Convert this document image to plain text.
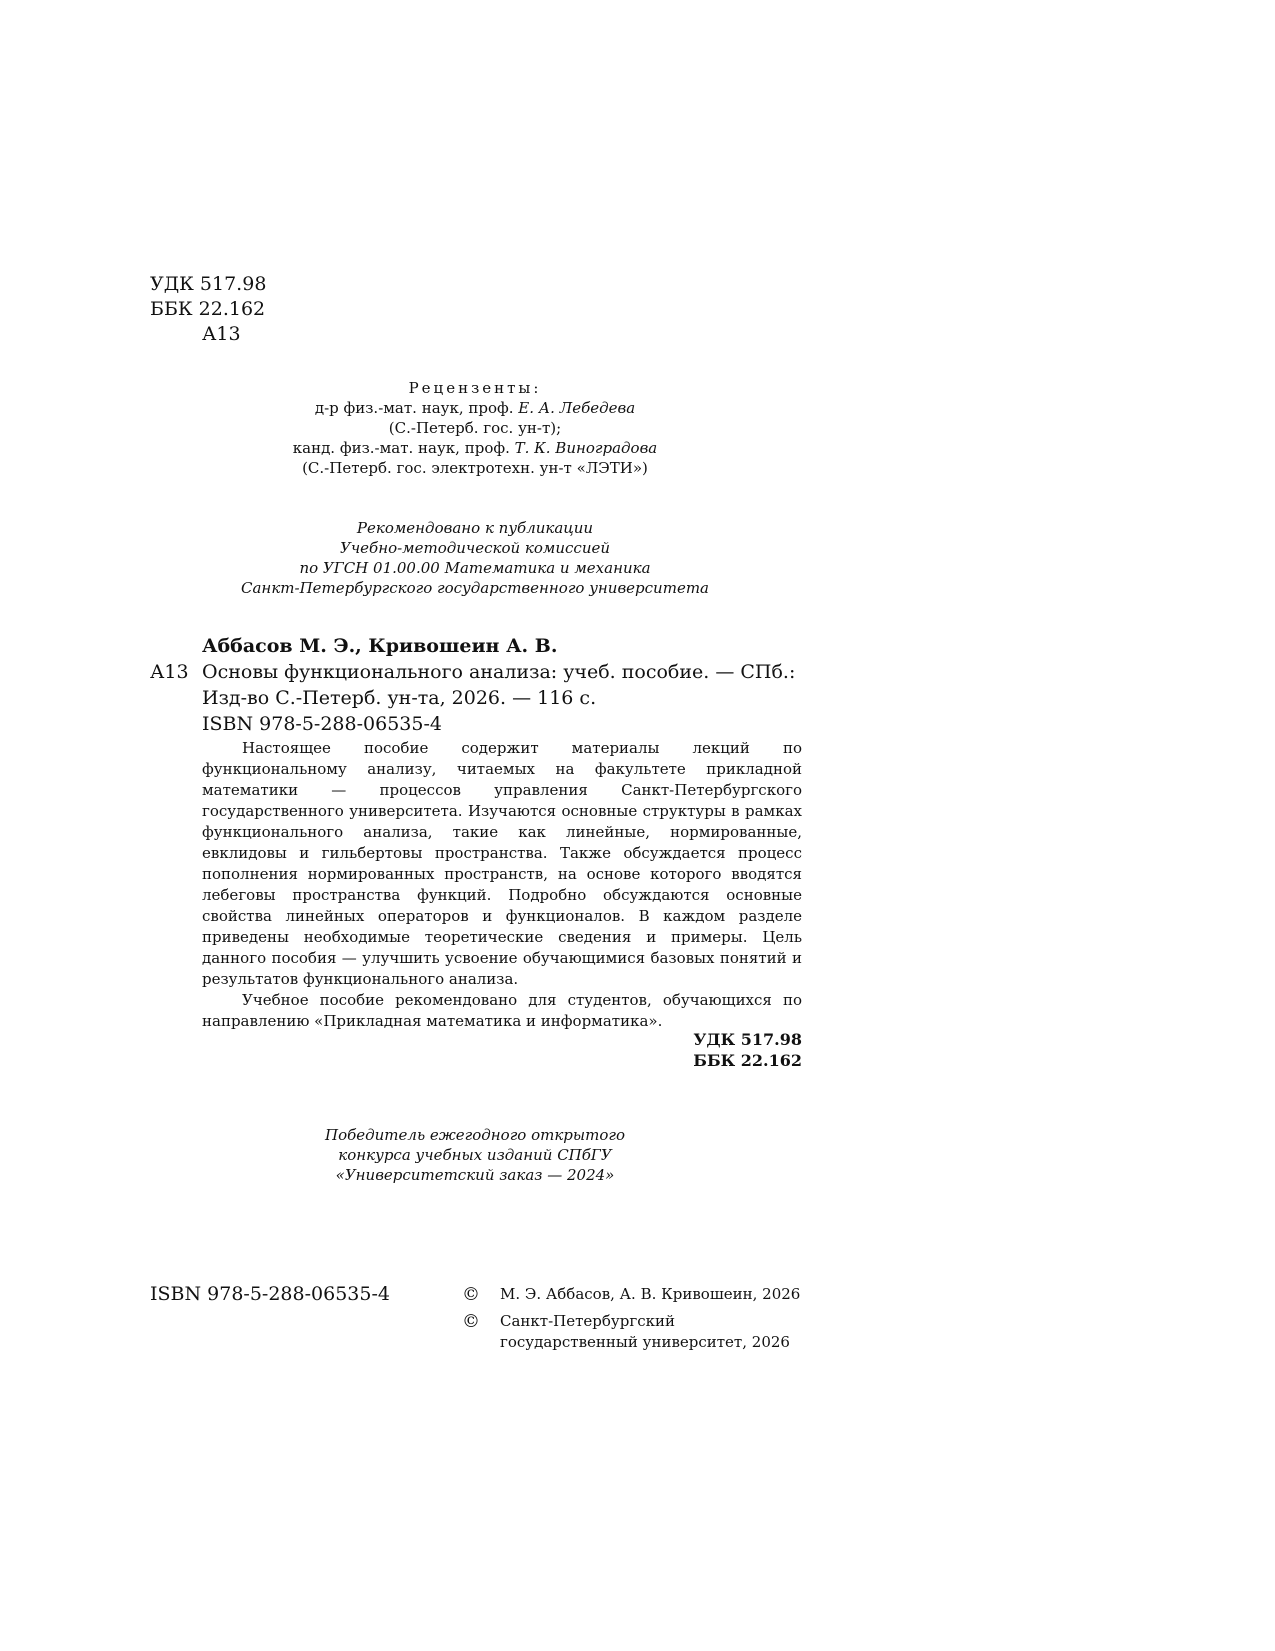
УДК 517.98
ББК 22.162
А13
Рецензенты:
д-р физ.-мат. наук, проф. Е. А. Лебедева
(С.-Петерб. гос. ун-т);
канд. физ.-мат. наук, проф. Т. К. Виноградова
(С.-Петерб. гос. электротехн. ун-т «ЛЭТИ»)
Рекомендовано к публикации
Учебно-методической комиссией
по УГСН 01.00.00 Математика и механика
Санкт-Петербургского государственного университета
Аббасов М. Э., Кривошеин А. В.
А13 Основы функционального анализа: учеб. пособие. — СПб.:
Изд-во С.-Петерб. ун-та, 2026. — 116 с.
ISBN 978-5-288-06535-4

Настоящее пособие содержит материалы лекций по функциональному анализу, читаемых на факультете прикладной математики — процессов управления Санкт-Петербургского государственного университета. Изучаются основные структуры в рамках функционального анализа, такие как линейные, нормированные, евклидовы и гильбертовы пространства. Также обсуждается процесс пополнения нормированных пространств, на основе которого вводятся лебеговы пространства функций. Подробно обсуждаются основные свойства линейных операторов и функционалов. В каждом разделе приведены необходимые теоретические сведения и примеры. Цель данного пособия — улучшить усвоение обучающимися базовых понятий и результатов функционального анализа.

Учебное пособие рекомендовано для студентов, обучающихся по направлению «Прикладная математика и информатика».

УДК 517.98
ББК 22.162
Победитель ежегодного открытого
конкурса учебных изданий СПбГУ
«Университетский заказ — 2024»
ISBN 978-5-288-06535-4	© М. Э. Аббасов, А. В. Кривошеин, 2026
© Санкт-Петербургский
государственный университет, 2026
